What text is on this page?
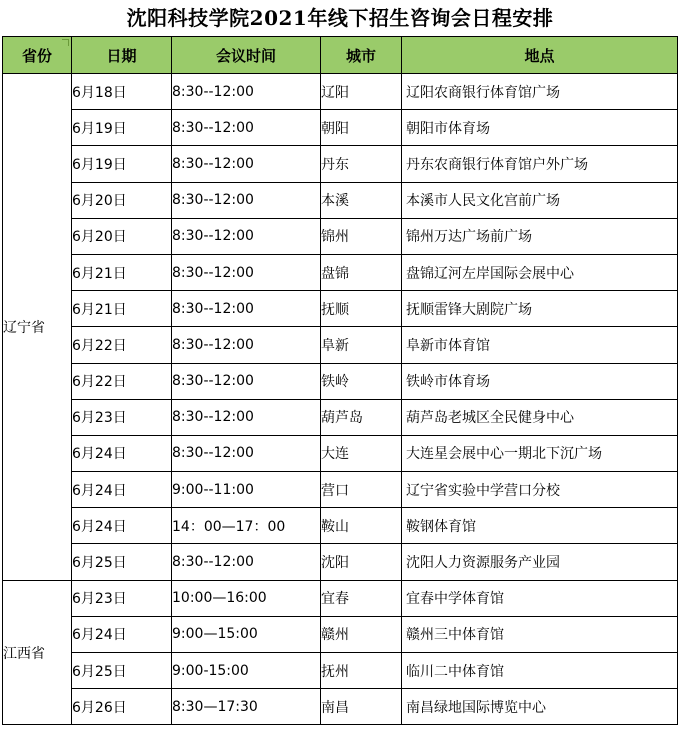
沈阳科技学院2021年线下招生咨询会日程安排
省份	日期	会议时间	城市	地点
辽宁省	6月18日	8:30--12:00	辽阳	辽阳农商银行体育馆广场
	6月19日	8:30--12:00	朝阳	朝阳市体育场
	6月19日	8:30--12:00	丹东	丹东农商银行体育馆户外广场
	6月20日	8:30--12:00	本溪	本溪市人民文化宫前广场
	6月20日	8:30--12:00	锦州	锦州万达广场前广场
	6月21日	8:30--12:00	盘锦	盘锦辽河左岸国际会展中心
	6月21日	8:30--12:00	抚顺	抚顺雷锋大剧院广场
	6月22日	8:30--12:00	阜新	阜新市体育馆
	6月22日	8:30--12:00	铁岭	铁岭市体育场
	6月23日	8:30--12:00	葫芦岛	葫芦岛老城区全民健身中心
	6月24日	8:30--12:00	大连	大连星会展中心一期北下沉广场
	6月24日	9:00--11:00	营口	辽宁省实验中学营口分校
	6月24日	14：00—17：00	鞍山	鞍钢体育馆
	6月25日	8:30--12:00	沈阳	沈阳人力资源服务产业园
江西省	6月23日	10:00—16:00	宜春	宜春中学体育馆
	6月24日	9:00—15:00	赣州	赣州三中体育馆
	6月25日	9:00-15:00	抚州	临川二中体育馆
	6月26日	8:30—17:30	南昌	南昌绿地国际博览中心
